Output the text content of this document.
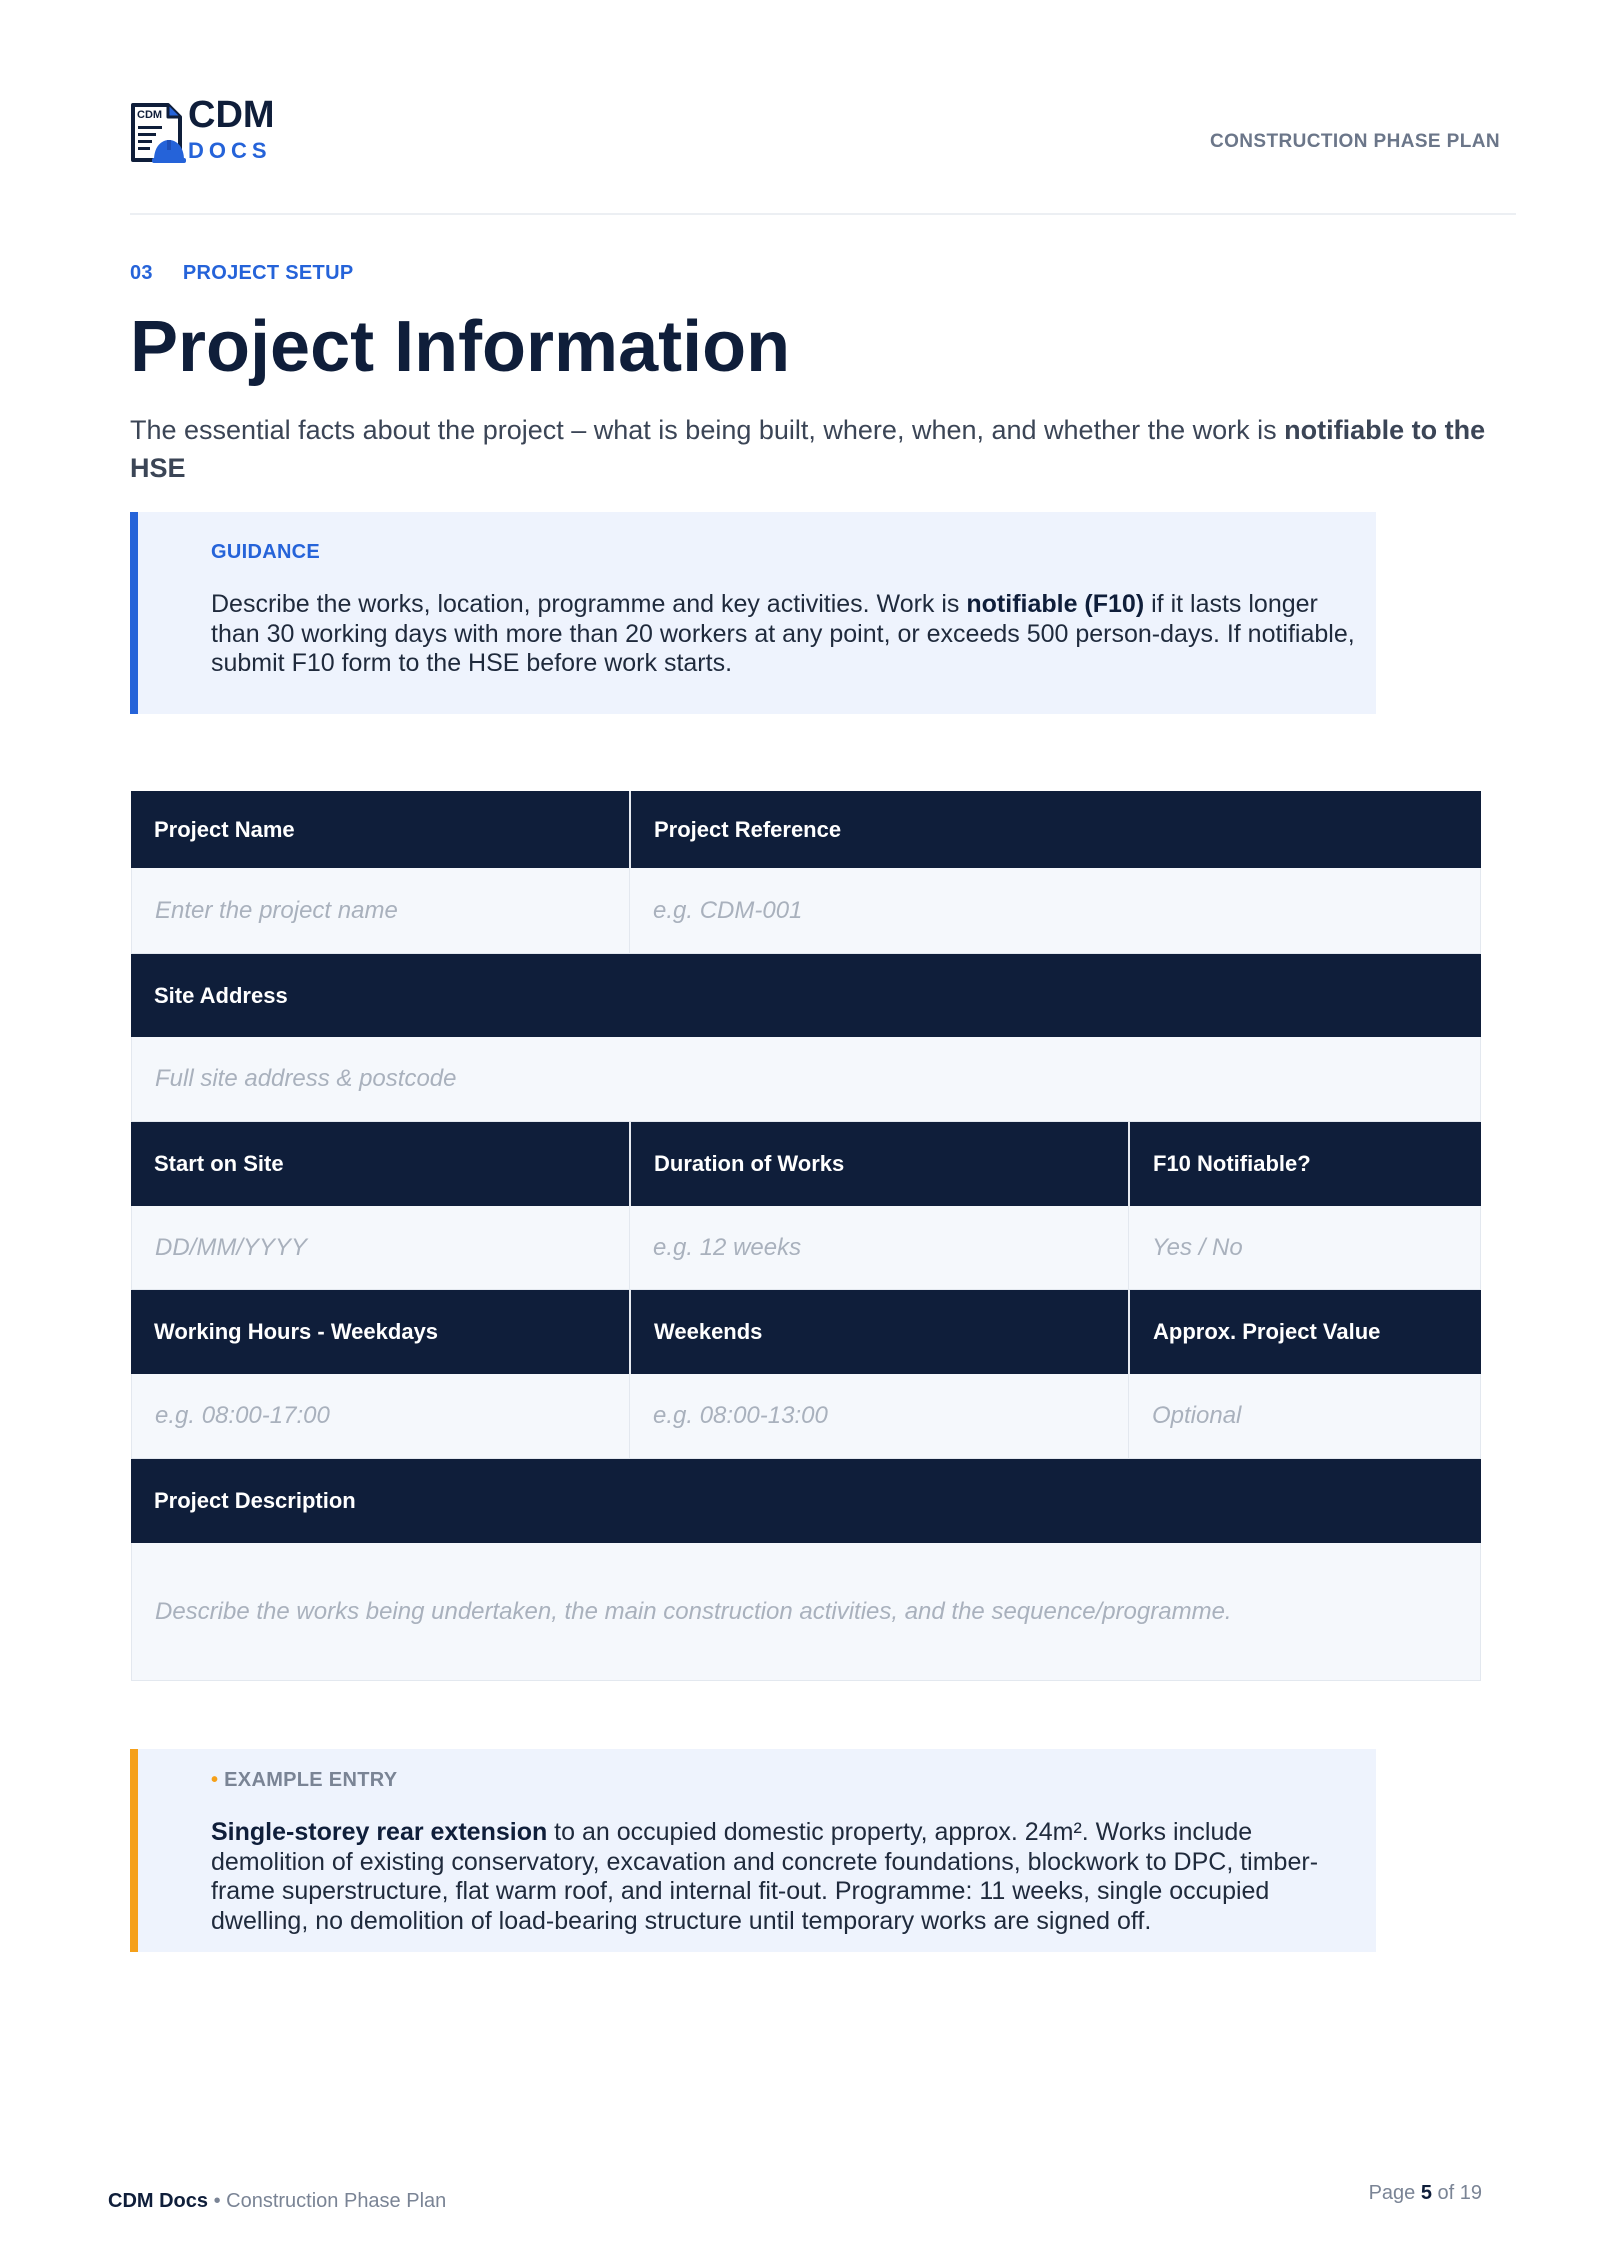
CDM CDM
DOCS	CONSTRUCTION PHASE PLAN
03 PROJECT SETUP
Project Information
The essential facts about the project – what is being built, where, when, and whether the work is notifiable to the HSE
GUIDANCE
Describe the works, location, programme and key activities. Work is notifiable (F10) if it lasts longer than 30 working days with more than 20 workers at any point, or exceeds 500 person-days. If notifiable, submit F10 form to the HSE before work starts.
Project Name	Project Reference
Enter the project name	e.g. CDM-001
Site Address
Full site address & postcode
Start on Site	Duration of Works	F10 Notifiable?
DD/MM/YYYY	e.g. 12 weeks	Yes / No
Working Hours - Weekdays	Weekends	Approx. Project Value
e.g. 08:00-17:00	e.g. 08:00-13:00	Optional
Project Description
Describe the works being undertaken, the main construction activities, and the sequence/programme.
• EXAMPLE ENTRY
Single-storey rear extension to an occupied domestic property, approx. 24m². Works include demolition of existing conservatory, excavation and concrete foundations, blockwork to DPC, timber-frame superstructure, flat warm roof, and internal fit-out. Programme: 11 weeks, single occupied dwelling, no demolition of load-bearing structure until temporary works are signed off.
CDM Docs • Construction Phase Plan	Page 5 of 19
